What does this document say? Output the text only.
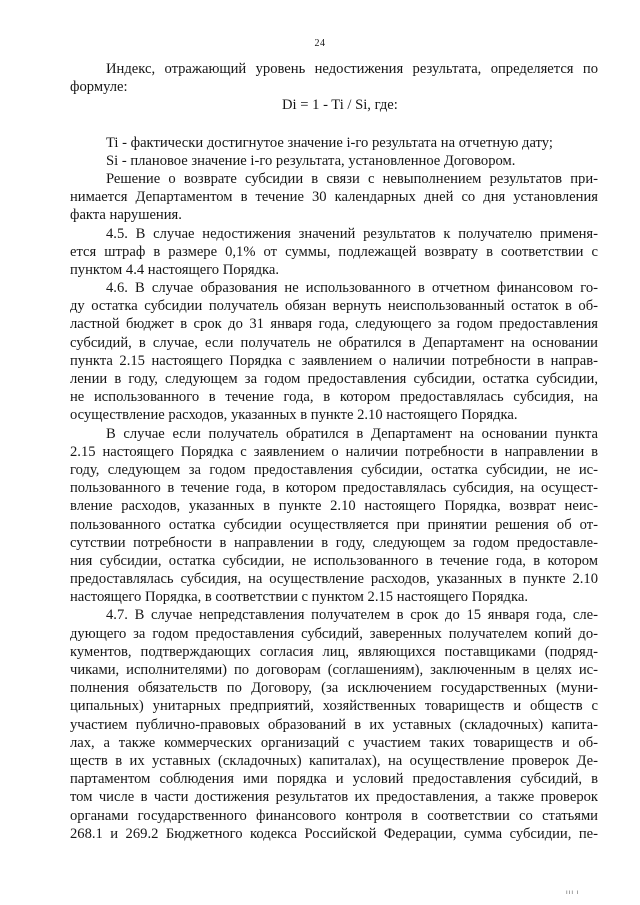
24
Индекс, отражающий уровень недостижения результата, определяется по
формуле:
Di = 1 - Ti / Si, где:
Ti - фактически достигнутое значение i-го результата на отчетную дату;
Si - плановое значение i-го результата, установленное Договором.
Решение о возврате субсидии в связи с невыполнением результатов при-
нимается Департаментом в течение 30 календарных дней со дня установления
факта нарушения.
4.5. В случае недостижения значений результатов к получателю применя-
ется штраф в размере 0,1% от суммы, подлежащей возврату в соответствии с
пунктом 4.4 настоящего Порядка.
4.6. В случае образования не использованного в отчетном финансовом го-
ду остатка субсидии получатель обязан вернуть неиспользованный остаток в об-
ластной бюджет в срок до 31 января года, следующего за годом предоставления
субсидий, в случае, если получатель не обратился в Департамент на основании
пункта 2.15 настоящего Порядка с заявлением о наличии потребности в направ-
лении в году, следующем за годом предоставления субсидии, остатка субсидии,
не использованного в течение года, в котором предоставлялась субсидия, на
осуществление расходов, указанных в пункте 2.10 настоящего Порядка.
В случае если получатель обратился в Департамент на основании пункта
2.15 настоящего Порядка с заявлением о наличии потребности в направлении в
году, следующем за годом предоставления субсидии, остатка субсидии, не ис-
пользованного в течение года, в котором предоставлялась субсидия, на осущест-
вление расходов, указанных в пункте 2.10 настоящего Порядка, возврат неис-
пользованного остатка субсидии осуществляется при принятии решения об от-
сутствии потребности в направлении в году, следующем за годом предоставле-
ния субсидии, остатка субсидии, не использованного в течение года, в котором
предоставлялась субсидия, на осуществление расходов, указанных в пункте 2.10
настоящего Порядка, в соответствии с пунктом 2.15 настоящего Порядка.
4.7. В случае непредставления получателем в срок до 15 января года, сле-
дующего за годом предоставления субсидий, заверенных получателем копий до-
кументов, подтверждающих согласия лиц, являющихся поставщиками (подряд-
чиками, исполнителями) по договорам (соглашениям), заключенным в целях ис-
полнения обязательств по Договору, (за исключением государственных (муни-
ципальных) унитарных предприятий, хозяйственных товариществ и обществ с
участием публично-правовых образований в их уставных (складочных) капита-
лах, а также коммерческих организаций с участием таких товариществ и об-
ществ в их уставных (складочных) капиталах), на осуществление проверок Де-
партаментом соблюдения ими порядка и условий предоставления субсидий, в
том числе в части достижения результатов их предоставления, а также проверок
органами государственного финансового контроля в соответствии со статьями
268.1 и 269.2 Бюджетного кодекса Российской Федерации, сумма субсидии, пе-
ııı ı
